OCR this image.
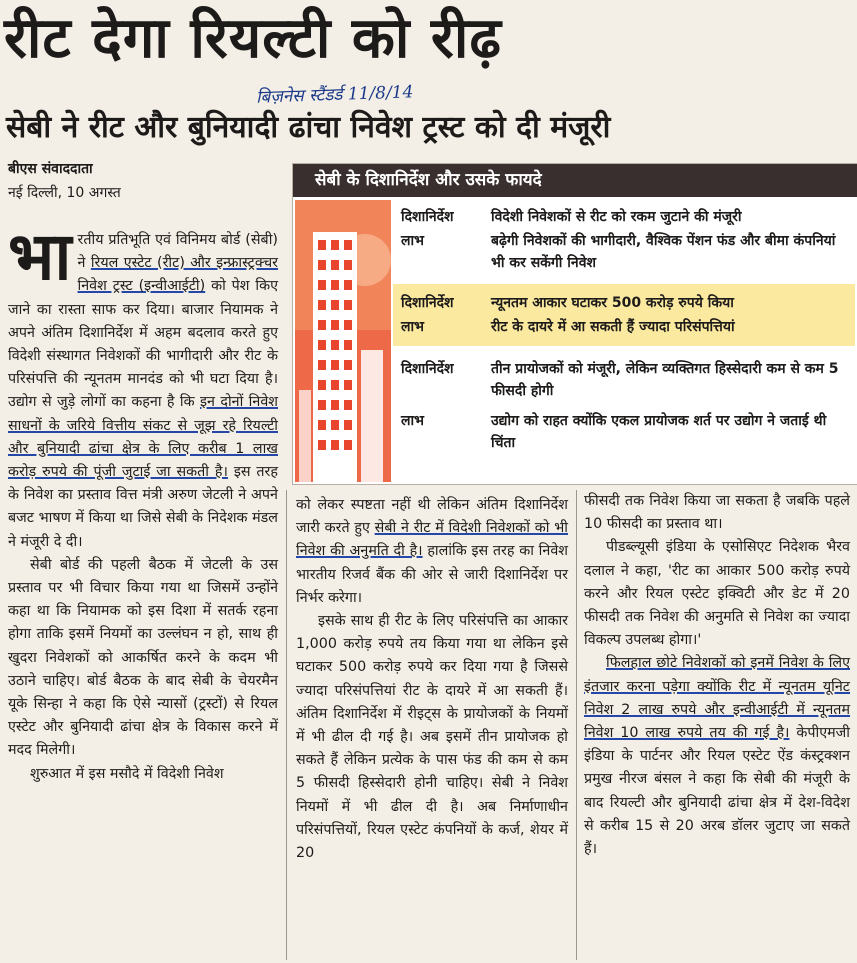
रीट देगा रियल्टी को रीढ़
बिज़नेस स्टैंडर्ड 11/8/14
सेबी ने रीट और बुनियादी ढांचा निवेश ट्रस्ट को दी मंजूरी
बीएस संवाददाता
नई दिल्ली, 10 अगस्त
सेबी के दिशानिर्देश और उसके फायदे
दिशानिर्देश	विदेशी निवेशकों से रीट को रकम जुटाने की मंजूरी
लाभ	बढ़ेगी निवेशकों की भागीदारी, वैश्विक पेंशन फंड और बीमा कंपनियां भी कर सकेंगी निवेश
दिशानिर्देश	न्यूनतम आकार घटाकर 500 करोड़ रुपये किया
लाभ	रीट के दायरे में आ सकती हैं ज्यादा परिसंपत्तियां
दिशानिर्देश	तीन प्रायोजकों को मंजूरी, लेकिन व्यक्तिगत हिस्सेदारी कम से कम 5 फीसदी होगी
लाभ	उद्योग को राहत क्योंकि एकल प्रायोजक शर्त पर उद्योग ने जताई थी चिंता

भारतीय प्रतिभूति एवं विनिमय बोर्ड (सेबी) ने रियल एस्टेट (रीट) और इन्फ्रास्ट्रक्चर निवेश ट्रस्ट (इन्वीआईटी) को पेश किए जाने का रास्ता साफ कर दिया। बाजार नियामक ने अपने अंतिम दिशानिर्देश में अहम बदलाव करते हुए विदेशी संस्थागत निवेशकों की भागीदारी और रीट के परिसंपत्ति की न्यूनतम मानदंड को भी घटा दिया है। उद्योग से जुड़े लोगों का कहना है कि इन दोनों निवेश साधनों के जरिये वित्तीय संकट से जूझ रहे रियल्टी और बुनियादी ढांचा क्षेत्र के लिए करीब 1 लाख करोड़ रुपये की पूंजी जुटाई जा सकती है। इस तरह के निवेश का प्रस्ताव वित्त मंत्री अरुण जेटली ने अपने बजट भाषण में किया था जिसे सेबी के निदेशक मंडल ने मंजूरी दे दी।

सेबी बोर्ड की पहली बैठक में जेटली के उस प्रस्ताव पर भी विचार किया गया था जिसमें उन्होंने कहा था कि नियामक को इस दिशा में सतर्क रहना होगा ताकि इसमें नियमों का उल्लंघन न हो, साथ ही खुदरा निवेशकों को आकर्षित करने के कदम भी उठाने चाहिए। बोर्ड बैठक के बाद सेबी के चेयरमैन यूके सिन्हा ने कहा कि ऐसे न्यासों (ट्रस्टों) से रियल एस्टेट और बुनियादी ढांचा क्षेत्र के विकास करने में मदद मिलेगी।

शुरुआत में इस मसौदे में विदेशी निवेश

को लेकर स्पष्टता नहीं थी लेकिन अंतिम दिशानिर्देश जारी करते हुए सेबी ने रीट में विदेशी निवेशकों को भी निवेश की अनुमति दी है। हालांकि इस तरह का निवेश भारतीय रिजर्व बैंक की ओर से जारी दिशानिर्देश पर निर्भर करेगा।

इसके साथ ही रीट के लिए परिसंपत्ति का आकार 1,000 करोड़ रुपये तय किया गया था लेकिन इसे घटाकर 500 करोड़ रुपये कर दिया गया है जिससे ज्यादा परिसंपत्तियां रीट के दायरे में आ सकती हैं। अंतिम दिशानिर्देश में रीइट्स के प्रायोजकों के नियमों में भी ढील दी गई है। अब इसमें तीन प्रायोजक हो सकते हैं लेकिन प्रत्येक के पास फंड की कम से कम 5 फीसदी हिस्सेदारी होनी चाहिए। सेबी ने निवेश नियमों में भी ढील दी है। अब निर्माणाधीन परिसंपत्तियों, रियल एस्टेट कंपनियों के कर्ज, शेयर में 20

फीसदी तक निवेश किया जा सकता है जबकि पहले 10 फीसदी का प्रस्ताव था।

पीडब्ल्यूसी इंडिया के एसोसिएट निदेशक भैरव दलाल ने कहा, 'रीट का आकार 500 करोड़ रुपये करने और रियल एस्टेट इक्विटी और डेट में 20 फीसदी तक निवेश की अनुमति से निवेश का ज्यादा विकल्प उपलब्ध होगा।'

फिलहाल छोटे निवेशकों को इनमें निवेश के लिए इंतजार करना पड़ेगा क्योंकि रीट में न्यूनतम यूनिट निवेश 2 लाख रुपये और इन्वीआईटी में न्यूनतम निवेश 10 लाख रुपये तय की गई है। केपीएमजी इंडिया के पार्टनर और रियल एस्टेट ऐंड कंस्ट्रक्शन प्रमुख नीरज बंसल ने कहा कि सेबी की मंजूरी के बाद रियल्टी और बुनियादी ढांचा क्षेत्र में देश-विदेश से करीब 15 से 20 अरब डॉलर जुटाए जा सकते हैं।
